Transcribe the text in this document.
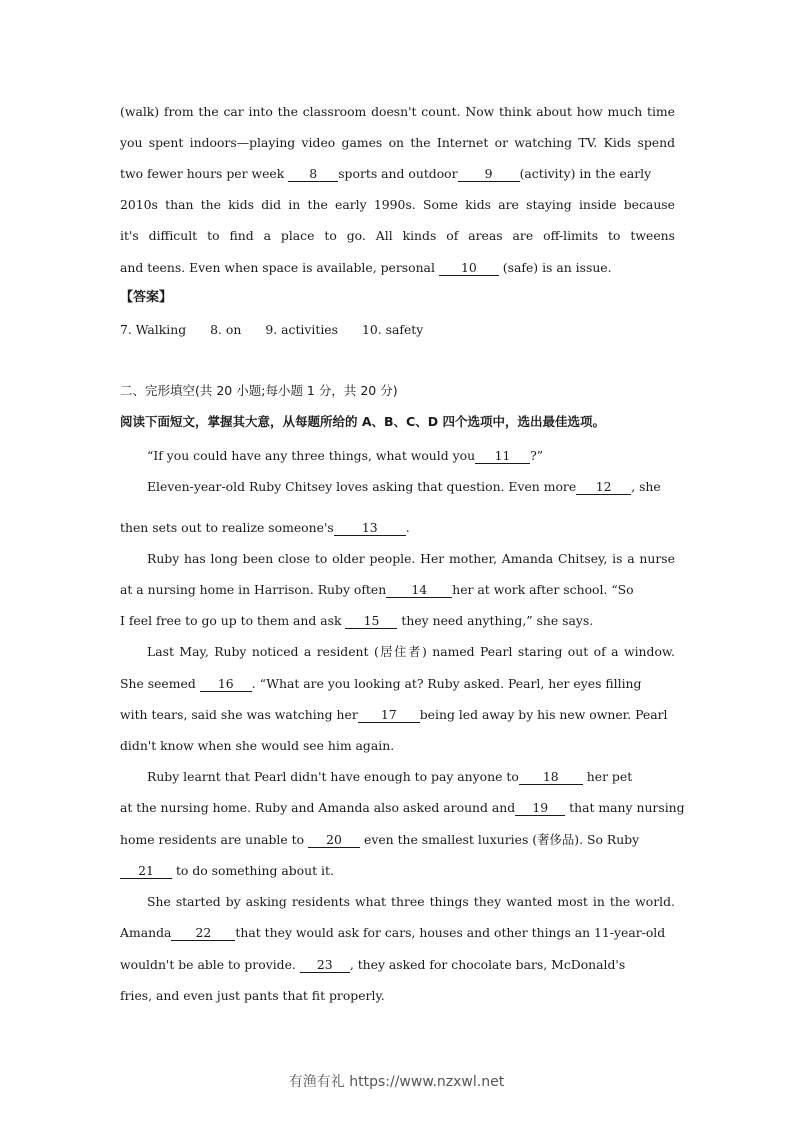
(walk) from the car into the classroom doesn't count. Now think about how much time
you spent indoors—playing video games on the Internet or watching TV. Kids spend
two fewer hours per week 8 sports and outdoor 9 (activity) in the early
2010s than the kids did in the early 1990s. Some kids are staying inside because
it's difficult to find a place to go. All kinds of areas are off-limits to tweens
and teens. Even when space is available, personal 10 (safe) is an issue.
【答案】
7. Walking 8. on 9. activities 10. safety
二、完形填空(共 20 小题;每小题 1 分，共 20 分)
阅读下面短文，掌握其大意，从每题所给的 A、B、C、D 四个选项中，选出最佳选项。
“If you could have any three things, what would you 11 ?”
Eleven-year-old Ruby Chitsey loves asking that question. Even more 12 , she
then sets out to realize someone's 13 .
Ruby has long been close to older people. Her mother, Amanda Chitsey, is a nurse
at a nursing home in Harrison. Ruby often 14 her at work after school. “So
I feel free to go up to them and ask 15 they need anything,” she says.
Last May, Ruby noticed a resident (居住者) named Pearl staring out of a window.
She seemed 16 . “What are you looking at? Ruby asked. Pearl, her eyes filling
with tears, said she was watching her 17 being led away by his new owner. Pearl
didn't know when she would see him again.
Ruby learnt that Pearl didn't have enough to pay anyone to 18 her pet
at the nursing home. Ruby and Amanda also asked around and 19 that many nursing
home residents are unable to 20 even the smallest luxuries (奢侈品). So Ruby
21 to do something about it.
She started by asking residents what three things they wanted most in the world.
Amanda 22 that they would ask for cars, houses and other things an 11-year-old
wouldn't be able to provide. 23 , they asked for chocolate bars, McDonald's
fries, and even just pants that fit properly.
有渔有礼 https://www.nzxwl.net
